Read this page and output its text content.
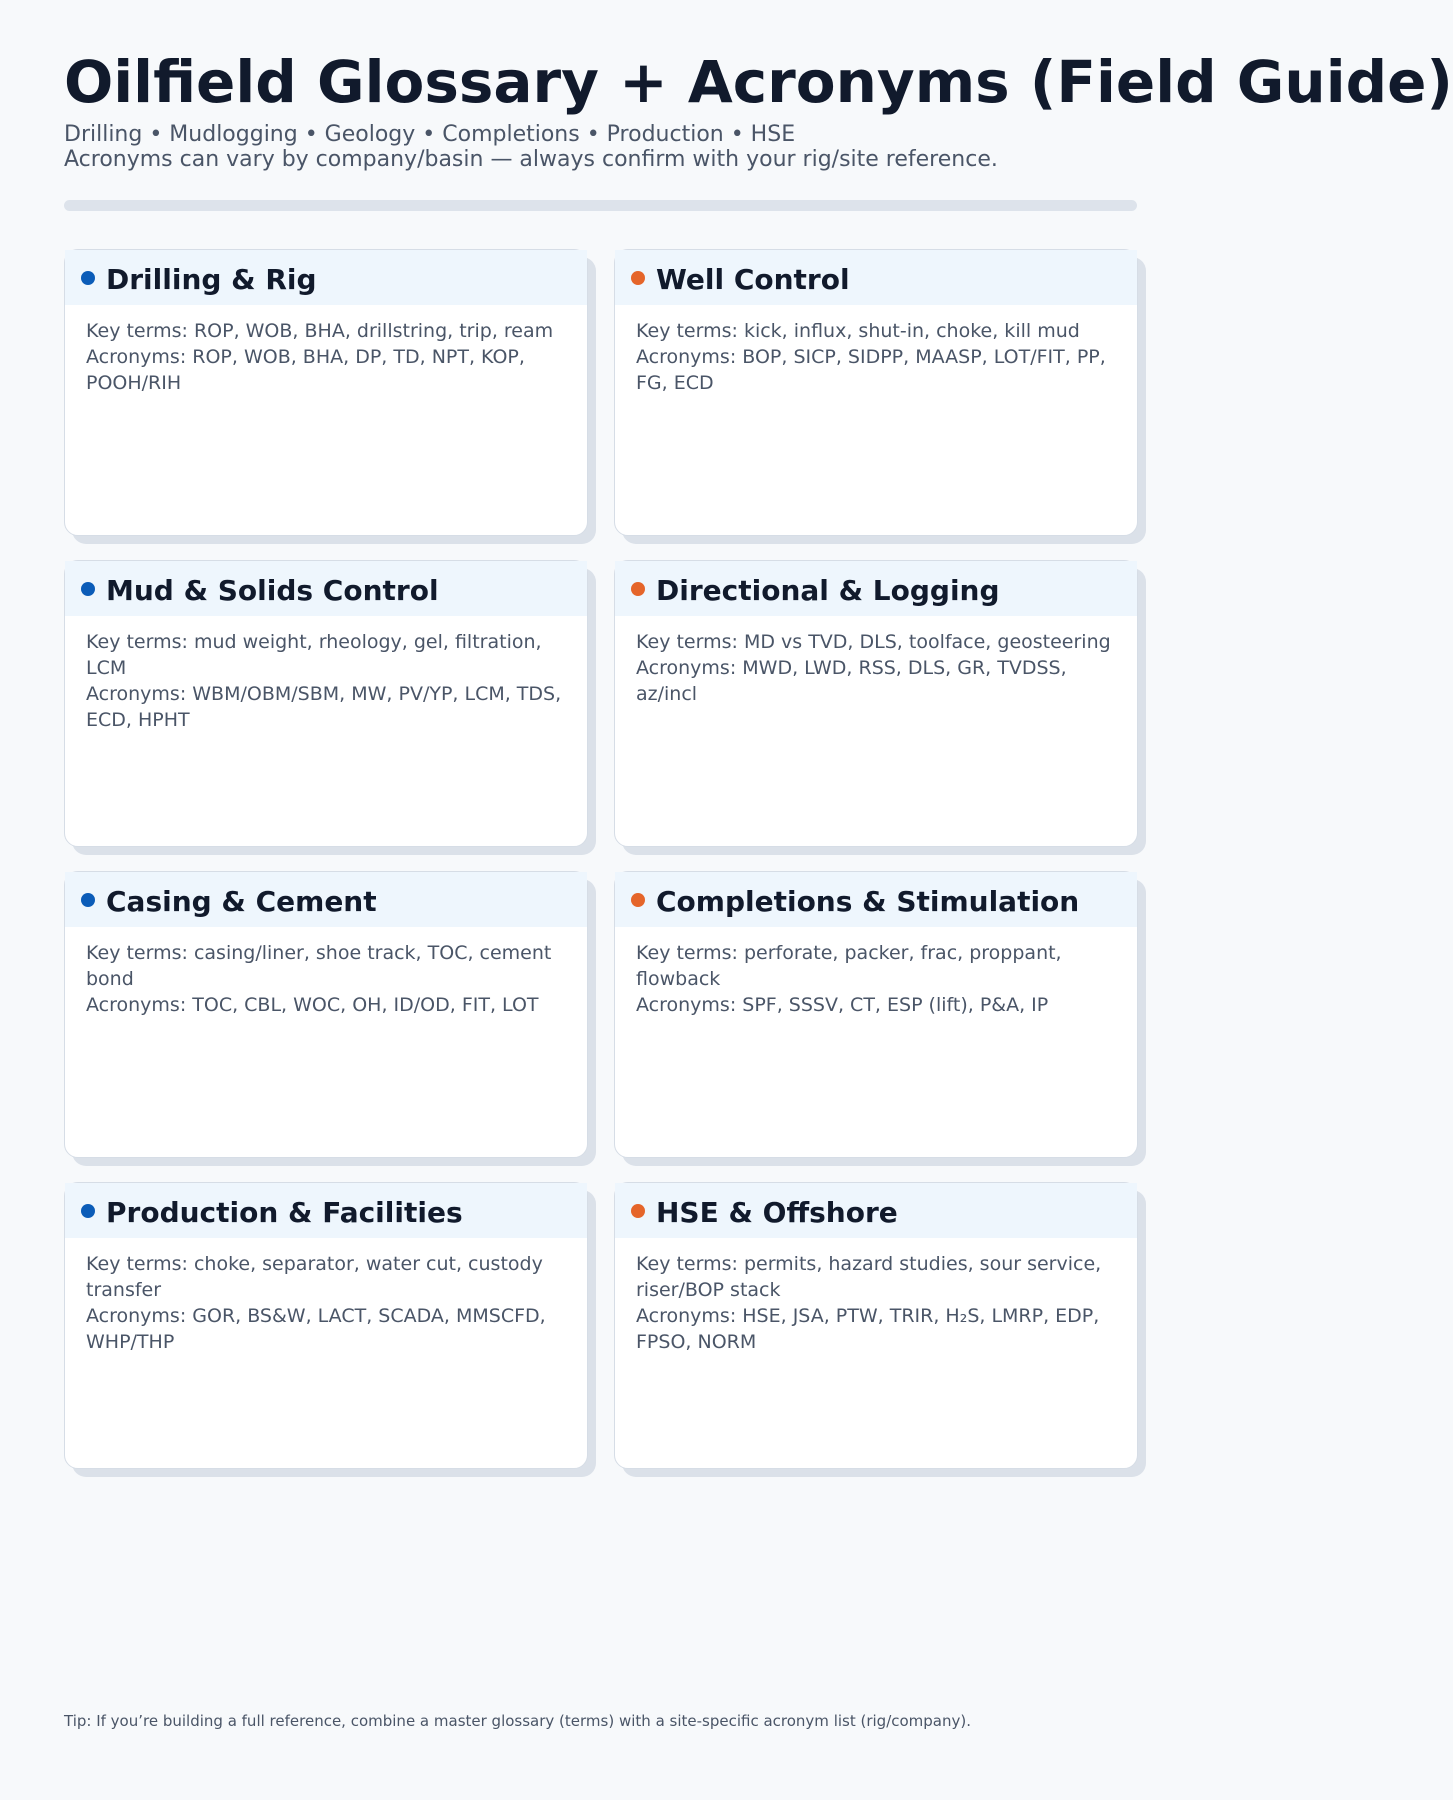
Oilfield Glossary + Acronyms (Field Guide)
Drilling • Mudlogging • Geology • Completions • Production • HSE
Acronyms can vary by company/basin — always confirm with your rig/site reference.
Drilling & Rig
Key terms: ROP, WOB, BHA, drillstring, trip, ream
Acronyms: ROP, WOB, BHA, DP, TD, NPT, KOP, POOH/RIH
Well Control
Key terms: kick, influx, shut-in, choke, kill mud
Acronyms: BOP, SICP, SIDPP, MAASP, LOT/FIT, PP, FG, ECD
Mud & Solids Control
Key terms: mud weight, rheology, gel, filtration, LCM
Acronyms: WBM/OBM/SBM, MW, PV/YP, LCM, TDS, ECD, HPHT
Directional & Logging
Key terms: MD vs TVD, DLS, toolface, geosteering
Acronyms: MWD, LWD, RSS, DLS, GR, TVDSS, az/incl
Casing & Cement
Key terms: casing/liner, shoe track, TOC, cement bond
Acronyms: TOC, CBL, WOC, OH, ID/OD, FIT, LOT
Completions & Stimulation
Key terms: perforate, packer, frac, proppant, flowback
Acronyms: SPF, SSSV, CT, ESP (lift), P&A, IP
Production & Facilities
Key terms: choke, separator, water cut, custody transfer
Acronyms: GOR, BS&W, LACT, SCADA, MMSCFD, WHP/THP
HSE & Offshore
Key terms: permits, hazard studies, sour service, riser/BOP stack
Acronyms: HSE, JSA, PTW, TRIR, H₂S, LMRP, EDP, FPSO, NORM
Tip: If you’re building a full reference, combine a master glossary (terms) with a site-specific acronym list (rig/company).
